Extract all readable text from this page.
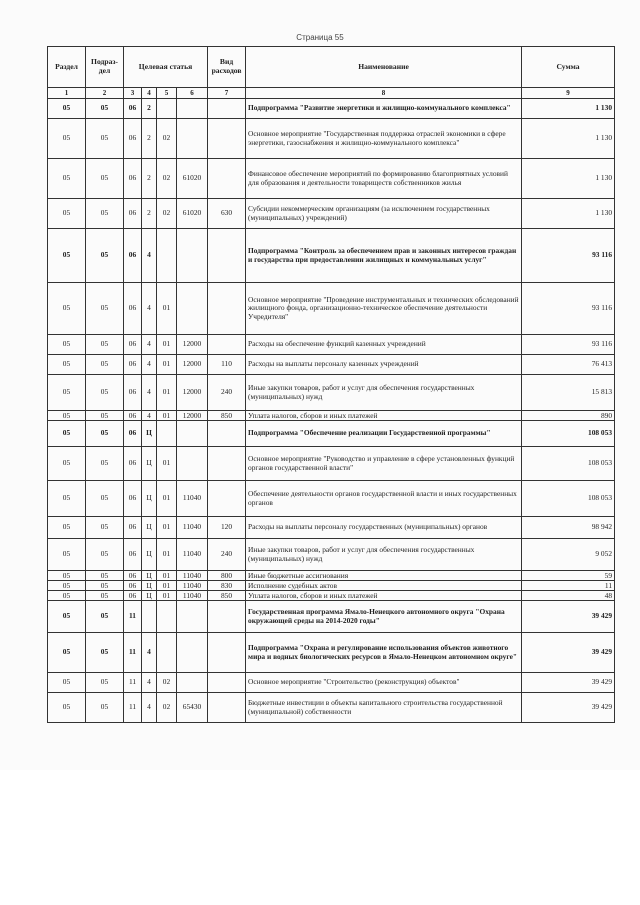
Страница 55
Раздел	Подраз-дел	Целевая статья				Вид расходов	Наименование	Сумма
1	2	3	4	5	6	7	8	9
05	05	06	2				Подпрограмма "Развитие энергетики и жилищно-коммунального комплекса"	1 130
05	05	06	2	02			Основное мероприятие "Государственная поддержка отраслей экономики в сфере энергетики, газоснабжения и жилищно-коммунального комплекса"	1 130
05	05	06	2	02	61020		Финансовое обеспечение мероприятий по формированию благоприятных условий для образования и деятельности товариществ собственников жилья	1 130
05	05	06	2	02	61020	630	Субсидии некоммерческим организациям (за исключением государственных (муниципальных) учреждений)	1 130
05	05	06	4				Подпрограмма "Контроль за обеспечением прав и законных интересов граждан и государства при предоставлении жилищных и коммунальных услуг"	93 116
05	05	06	4	01			Основное мероприятие "Проведение инструментальных и технических обследований жилищного фонда, организационно-техническое обеспечение деятельности Учредителя"	93 116
05	05	06	4	01	12000		Расходы на обеспечение функций казенных учреждений	93 116
05	05	06	4	01	12000	110	Расходы на выплаты персоналу казенных учреждений	76 413
05	05	06	4	01	12000	240	Иные закупки товаров, работ и услуг для обеспечения государственных (муниципальных) нужд	15 813
05	05	06	4	01	12000	850	Уплата налогов, сборов и иных платежей	890
05	05	06	Ц				Подпрограмма "Обеспечение реализации Государственной программы"	108 053
05	05	06	Ц	01			Основное мероприятие "Руководство и управление в сфере установленных функций органов государственной власти"	108 053
05	05	06	Ц	01	11040		Обеспечение деятельности органов государственной власти и иных государственных органов	108 053
05	05	06	Ц	01	11040	120	Расходы на выплаты персоналу государственных (муниципальных) органов	98 942
05	05	06	Ц	01	11040	240	Иные закупки товаров, работ и услуг для обеспечения государственных (муниципальных) нужд	9 052
05	05	06	Ц	01	11040	800	Иные бюджетные ассигнования	59
05	05	06	Ц	01	11040	830	Исполнение судебных актов	11
05	05	06	Ц	01	11040	850	Уплата налогов, сборов и иных платежей	48
05	05	11					Государственная программа Ямало-Ненецкого автономного округа "Охрана окружающей среды на 2014-2020 годы"	39 429
05	05	11	4				Подпрограмма "Охрана и регулирование использования объектов животного мира и водных биологических ресурсов в Ямало-Ненецком автономном округе"	39 429
05	05	11	4	02			Основное мероприятие "Строительство (реконструкция) объектов"	39 429
05	05	11	4	02	65430		Бюджетные инвестиции в объекты капитального строительства государственной (муниципальной) собственности	39 429
